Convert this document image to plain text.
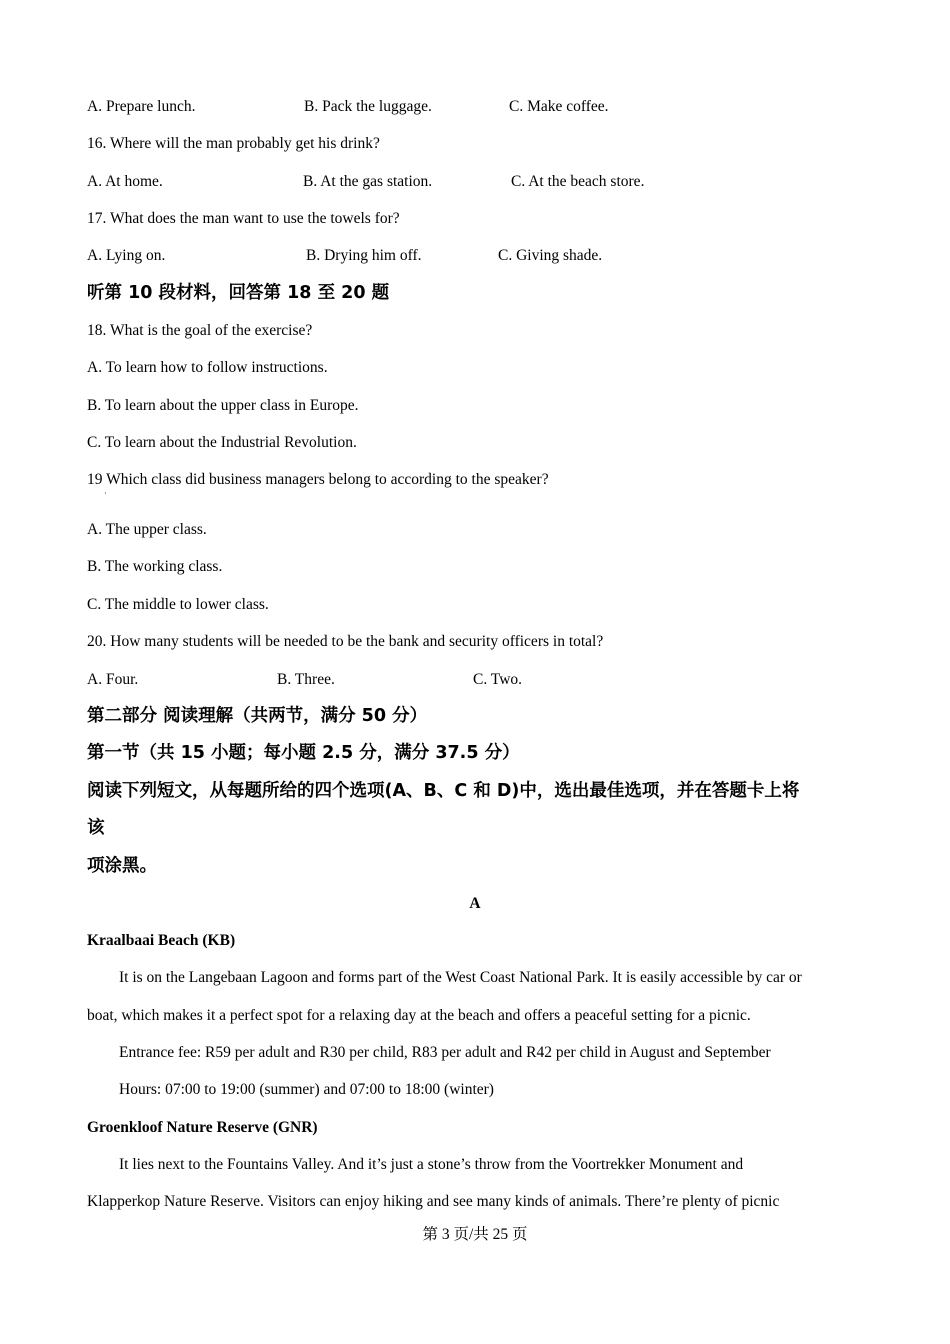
A. Prepare lunch.	B. Pack the luggage.	C. Make coffee.
16. Where will the man probably get his drink?
A. At home.	B. At the gas station.	C. At the beach store.
17. What does the man want to use the towels for?
A. Lying on.	B. Drying him off.	C. Giving shade.
听第 10 段材料，回答第 18 至 20 题
18. What is the goal of the exercise?
A. To learn how to follow instructions.
B. To learn about the upper class in Europe.
C. To learn about the Industrial Revolution.
19 Which class did business managers belong to according to the speaker?
·
A. The upper class.
B. The working class.
C. The middle to lower class.
20. How many students will be needed to be the bank and security officers in total?
A. Four.	B. Three.	C. Two.
第二部分 阅读理解（共两节，满分 50 分）
第一节（共 15 小题；每小题 2.5 分，满分 37.5 分）
阅读下列短文，从每题所给的四个选项(A、B、C 和 D)中，选出最佳选项，并在答题卡上将
该
项涂黑。
A
Kraalbaai Beach (KB)
It is on the Langebaan Lagoon and forms part of the West Coast National Park. It is easily accessible by car or
boat, which makes it a perfect spot for a relaxing day at the beach and offers a peaceful setting for a picnic.
Entrance fee: R59 per adult and R30 per child, R83 per adult and R42 per child in August and September
Hours: 07:00 to 19:00 (summer) and 07:00 to 18:00 (winter)
Groenkloof Nature Reserve (GNR)
It lies next to the Fountains Valley. And it’s just a stone’s throw from the Voortrekker Monument and
Klapperkop Nature Reserve. Visitors can enjoy hiking and see many kinds of animals. There’re plenty of picnic
第 3 页/共 25 页
